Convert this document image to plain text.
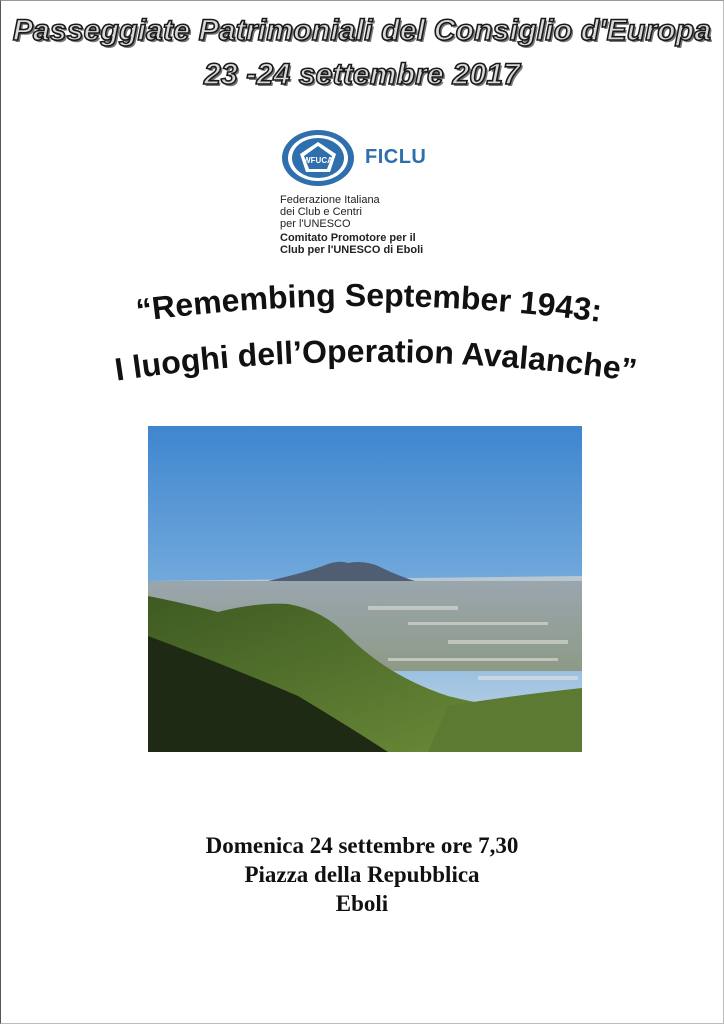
Passeggiate Patrimoniali del Consiglio d'Europa
23 -24 settembre 2017
WFUCA FICLU
Federazione Italiana
dei Club e Centri
per l'UNESCO
Comitato Promotore per il
Club per l'UNESCO di Eboli
“Remembing September 1943:
I luoghi dell’Operation Avalanche”
Domenica 24 settembre ore 7,30
Piazza della Repubblica
Eboli
